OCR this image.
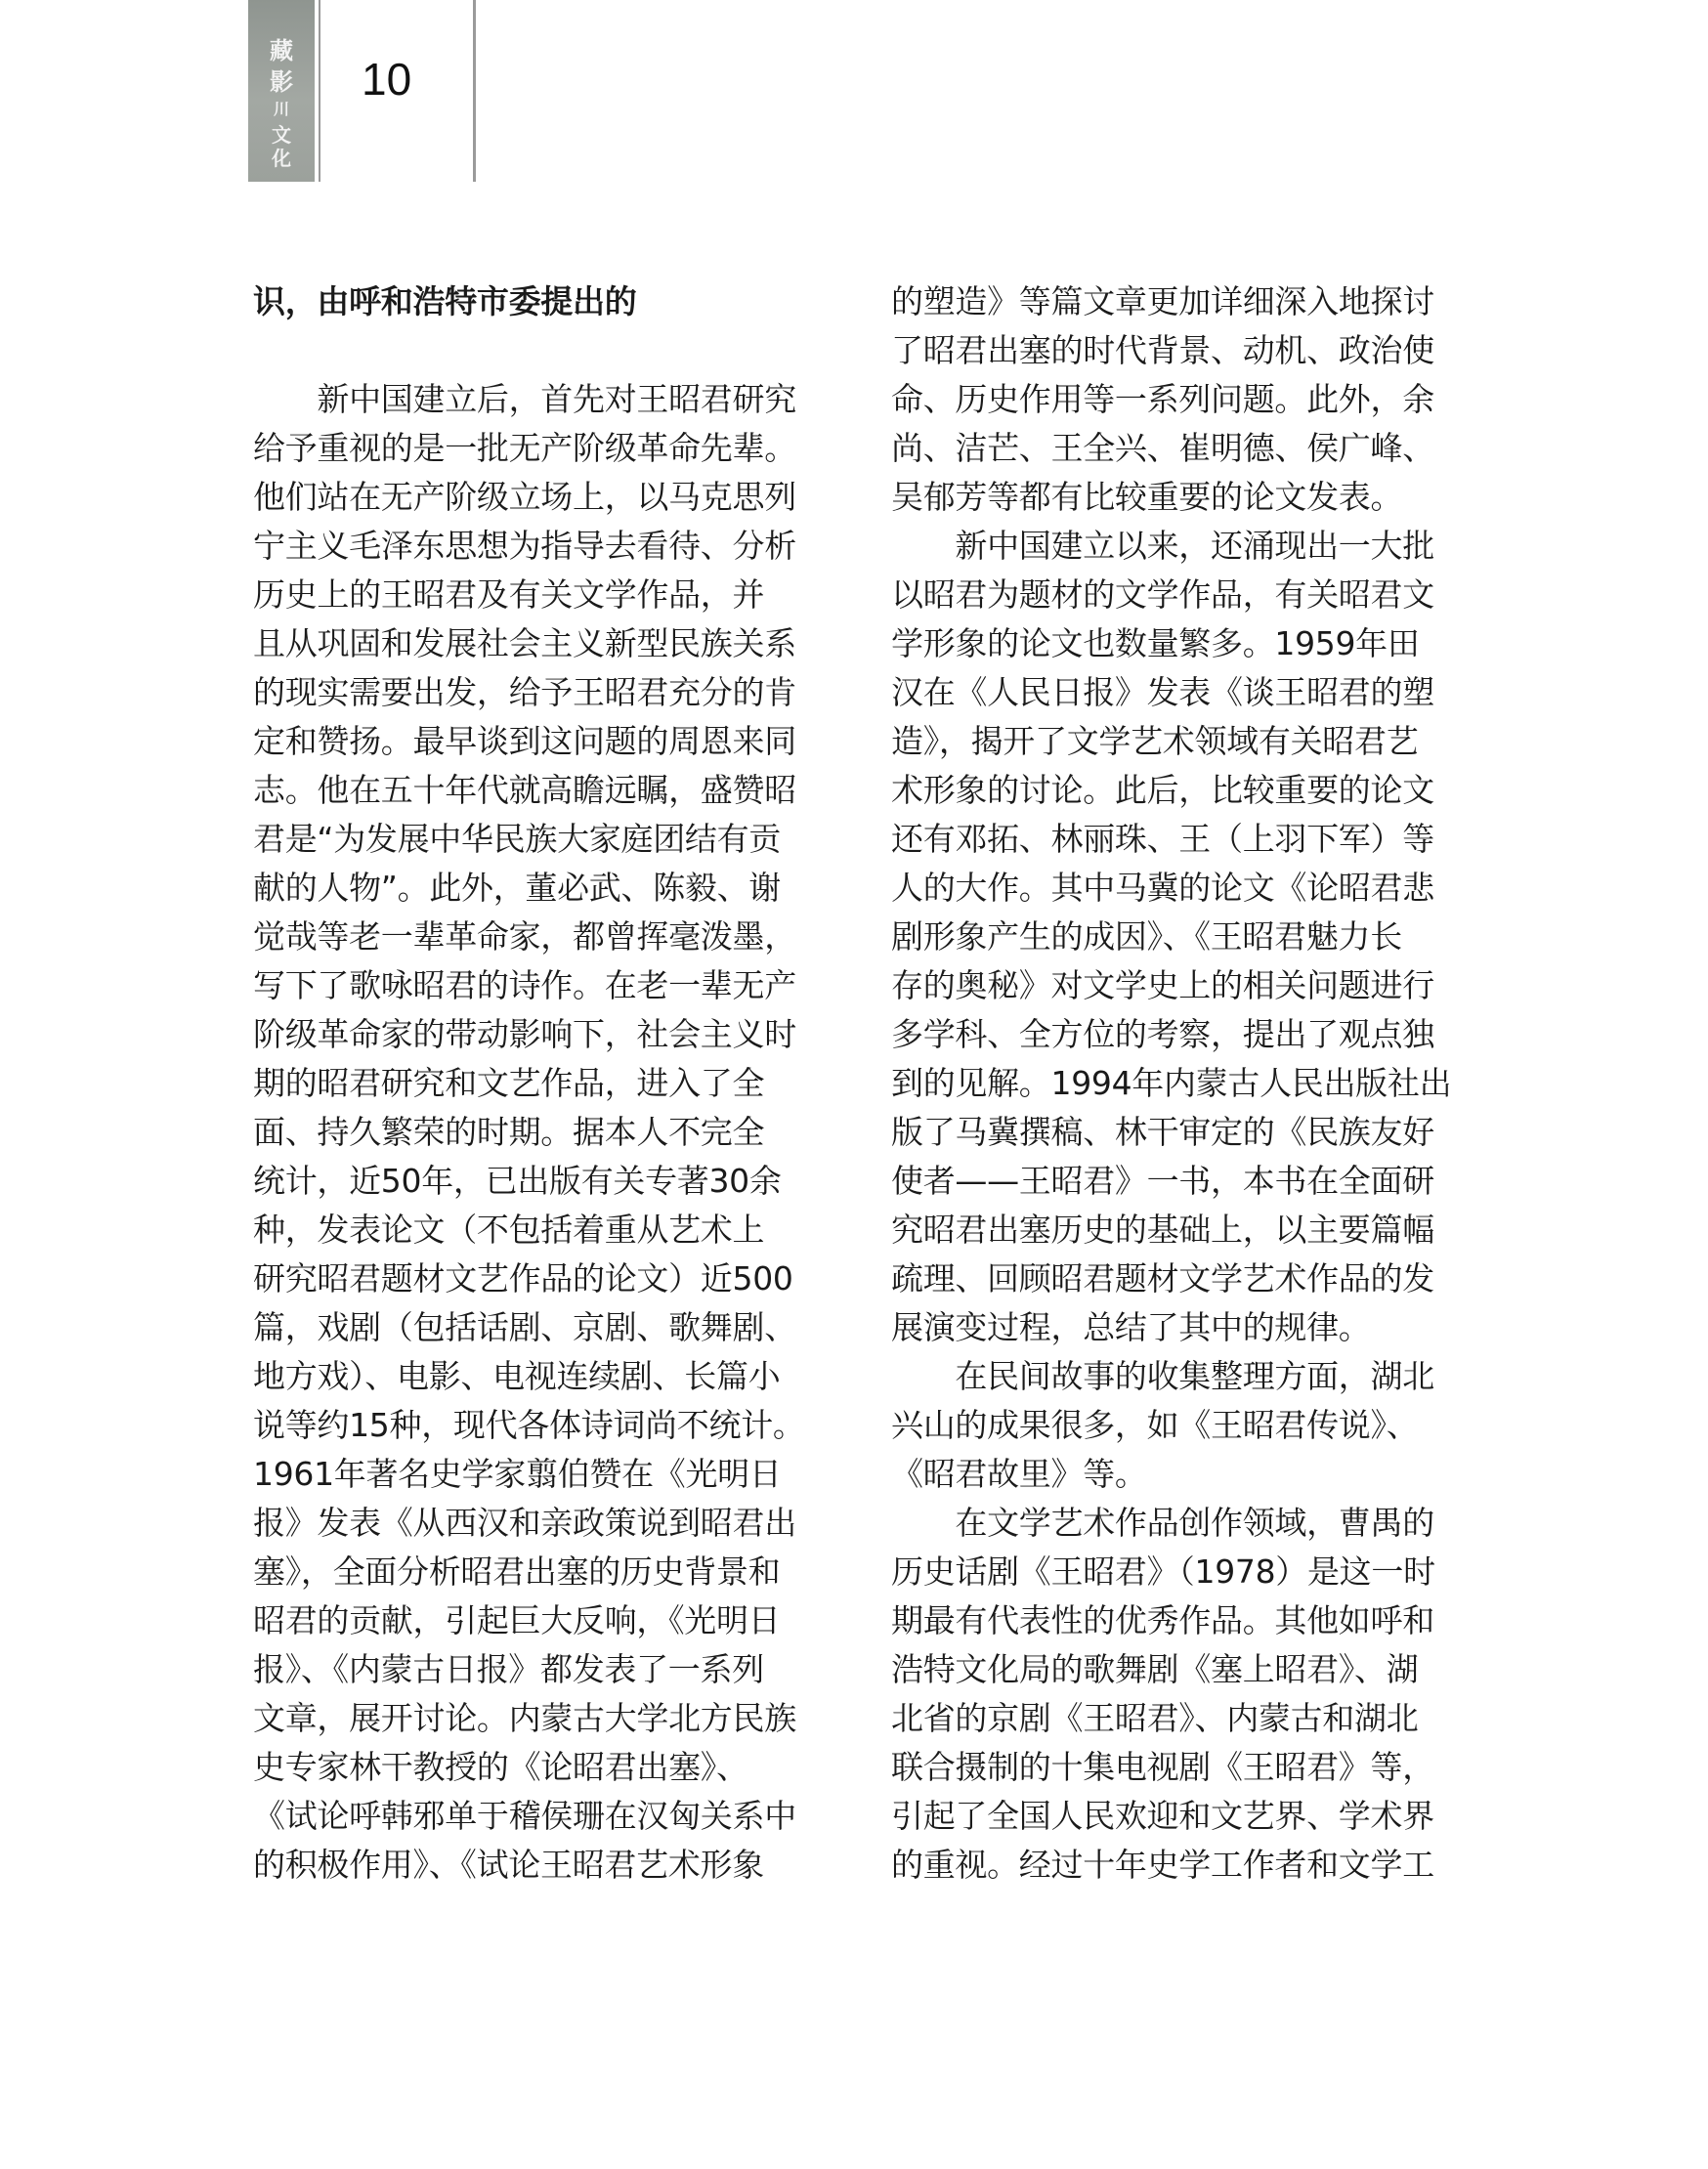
藏
影
川
文
化
10
识，由呼和浩特市委提出的
　　新中国建立后，首先对王昭君研究
给予重视的是一批无产阶级革命先辈。
他们站在无产阶级立场上，以马克思列
宁主义毛泽东思想为指导去看待、分析
历史上的王昭君及有关文学作品，并
且从巩固和发展社会主义新型民族关系
的现实需要出发，给予王昭君充分的肯
定和赞扬。最早谈到这问题的周恩来同
志。他在五十年代就高瞻远瞩，盛赞昭
君是“为发展中华民族大家庭团结有贡
献的人物”。此外，董必武、陈毅、谢
觉哉等老一辈革命家，都曾挥毫泼墨，
写下了歌咏昭君的诗作。在老一辈无产
阶级革命家的带动影响下，社会主义时
期的昭君研究和文艺作品，进入了全
面、持久繁荣的时期。据本人不完全
统计，近50年，已出版有关专著30余
种，发表论文（不包括着重从艺术上
研究昭君题材文艺作品的论文）近500
篇，戏剧（包括话剧、京剧、歌舞剧、
地方戏）、电影、电视连续剧、长篇小
说等约15种，现代各体诗词尚不统计。
1961年著名史学家翦伯赞在《光明日
报》发表《从西汉和亲政策说到昭君出
塞》，全面分析昭君出塞的历史背景和
昭君的贡献，引起巨大反响，《光明日
报》、《内蒙古日报》都发表了一系列
文章，展开讨论。内蒙古大学北方民族
史专家林干教授的《论昭君出塞》、
《试论呼韩邪单于稽侯珊在汉匈关系中
的积极作用》、《试论王昭君艺术形象
的塑造》等篇文章更加详细深入地探讨
了昭君出塞的时代背景、动机、政治使
命、历史作用等一系列问题。此外，余
尚、洁芒、王全兴、崔明德、侯广峰、
吴郁芳等都有比较重要的论文发表。
　　新中国建立以来，还涌现出一大批
以昭君为题材的文学作品，有关昭君文
学形象的论文也数量繁多。1959年田
汉在《人民日报》发表《谈王昭君的塑
造》，揭开了文学艺术领域有关昭君艺
术形象的讨论。此后，比较重要的论文
还有邓拓、林丽珠、王（上羽下军）等
人的大作。其中马冀的论文《论昭君悲
剧形象产生的成因》、《王昭君魅力长
存的奥秘》对文学史上的相关问题进行
多学科、全方位的考察，提出了观点独
到的见解。1994年内蒙古人民出版社出
版了马冀撰稿、林干审定的《民族友好
使者——王昭君》一书，本书在全面研
究昭君出塞历史的基础上，以主要篇幅
疏理、回顾昭君题材文学艺术作品的发
展演变过程，总结了其中的规律。
　　在民间故事的收集整理方面，湖北
兴山的成果很多，如《王昭君传说》、
《昭君故里》等。
　　在文学艺术作品创作领域，曹禺的
历史话剧《王昭君》（1978）是这一时
期最有代表性的优秀作品。其他如呼和
浩特文化局的歌舞剧《塞上昭君》、湖
北省的京剧《王昭君》、内蒙古和湖北
联合摄制的十集电视剧《王昭君》等，
引起了全国人民欢迎和文艺界、学术界
的重视。经过十年史学工作者和文学工
